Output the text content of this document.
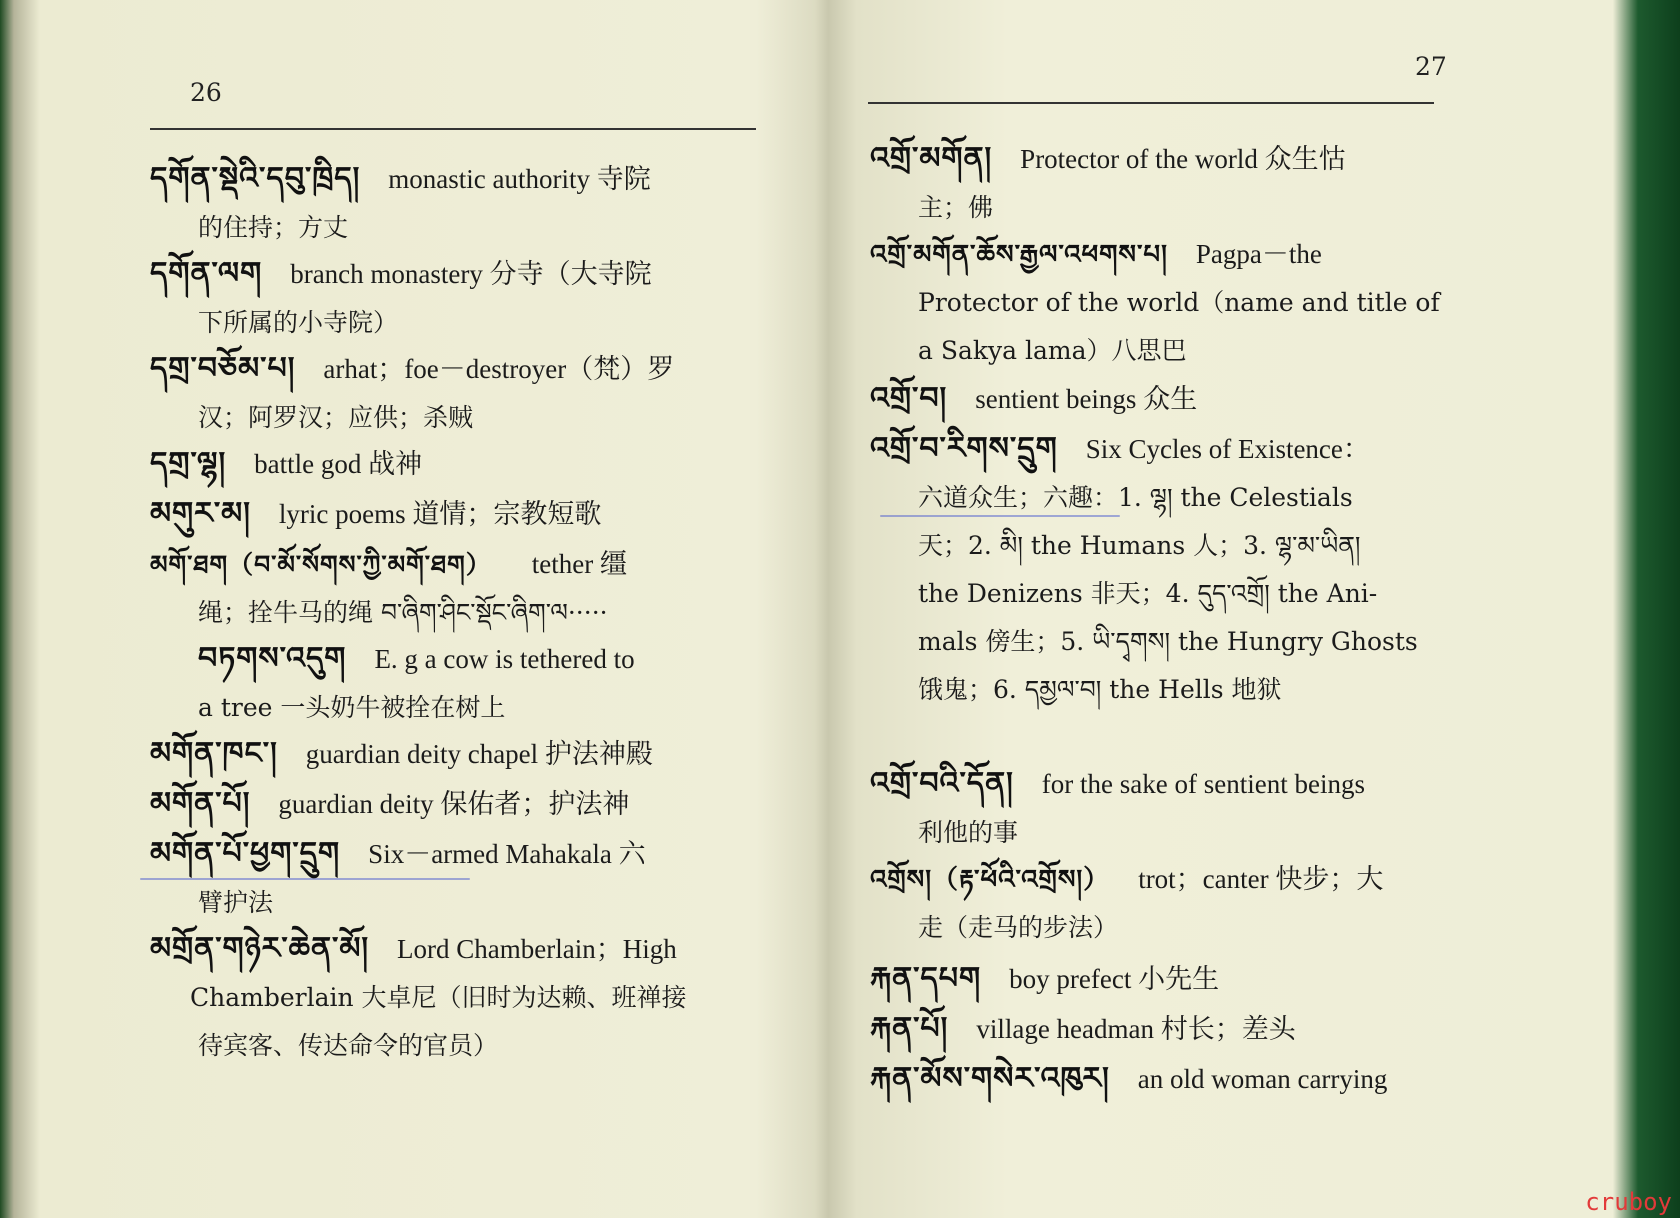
26
དགོན་སྡེའི་དབུ་ཁྲིད། monastic authority 寺院
的住持；方丈
དགོན་ལག branch monastery 分寺（大寺院
下所属的小寺院）
དགྲ་བཅོམ་པ། arhat；foe－destroyer（梵）罗
汉；阿罗汉；应供；杀贼
དགྲ་ལྷ། battle god 战神
མགུར་མ། lyric poems 道情；宗教短歌
མགོ་ཐག（བ་མོ་སོགས་ཀྱི་མགོ་ཐག） tether 缰
绳；拴牛马的绳 བ་ཞིག་ཤིང་སྡོང་ཞིག་ལ·····
བཏགས་འདུག E. g a cow is tethered to
a tree 一头奶牛被拴在树上
མགོན་ཁང་། guardian deity chapel 护法神殿
མགོན་པོ། guardian deity 保佑者；护法神
མགོན་པོ་ཕྱག་དྲུག Six－armed Mahakala 六
臂护法
མགྲོན་གཉེར་ཆེན་མོ། Lord Chamberlain；High
Chamberlain 大卓尼（旧时为达赖、班禅接
待宾客、传达命令的官员）
27
འགྲོ་མགོན། Protector of the world 众生怙
主；佛
འགྲོ་མགོན་ཆོས་རྒྱལ་འཕགས་པ། Pagpa－the
Protector of the world（name and title of
a Sakya lama）八思巴
འགྲོ་བ། sentient beings 众生
འགྲོ་བ་རིགས་དྲུག Six Cycles of Existence：
六道众生；六趣：1. ལྷ། the Celestials
天；2. མི། the Humans 人；3. ལྷ་མ་ཡིན།
the Denizens 非天；4. དུད་འགྲོ། the Ani-
mals 傍生；5. ཡི་དྭགས། the Hungry Ghosts
饿鬼；6. དམྱལ་བ། the Hells 地狱
འགྲོ་བའི་དོན། for the sake of sentient beings
利他的事
འགྲོས།（རྟ་ཕོའི་འགྲོས།） trot；canter 快步；大
走（走马的步法）
རྐན་དཔག boy prefect 小先生
རྐན་པོ། village headman 村长；差头
རྐན་མོས་གསེར་འཁུར། an old woman carrying
cruboy
